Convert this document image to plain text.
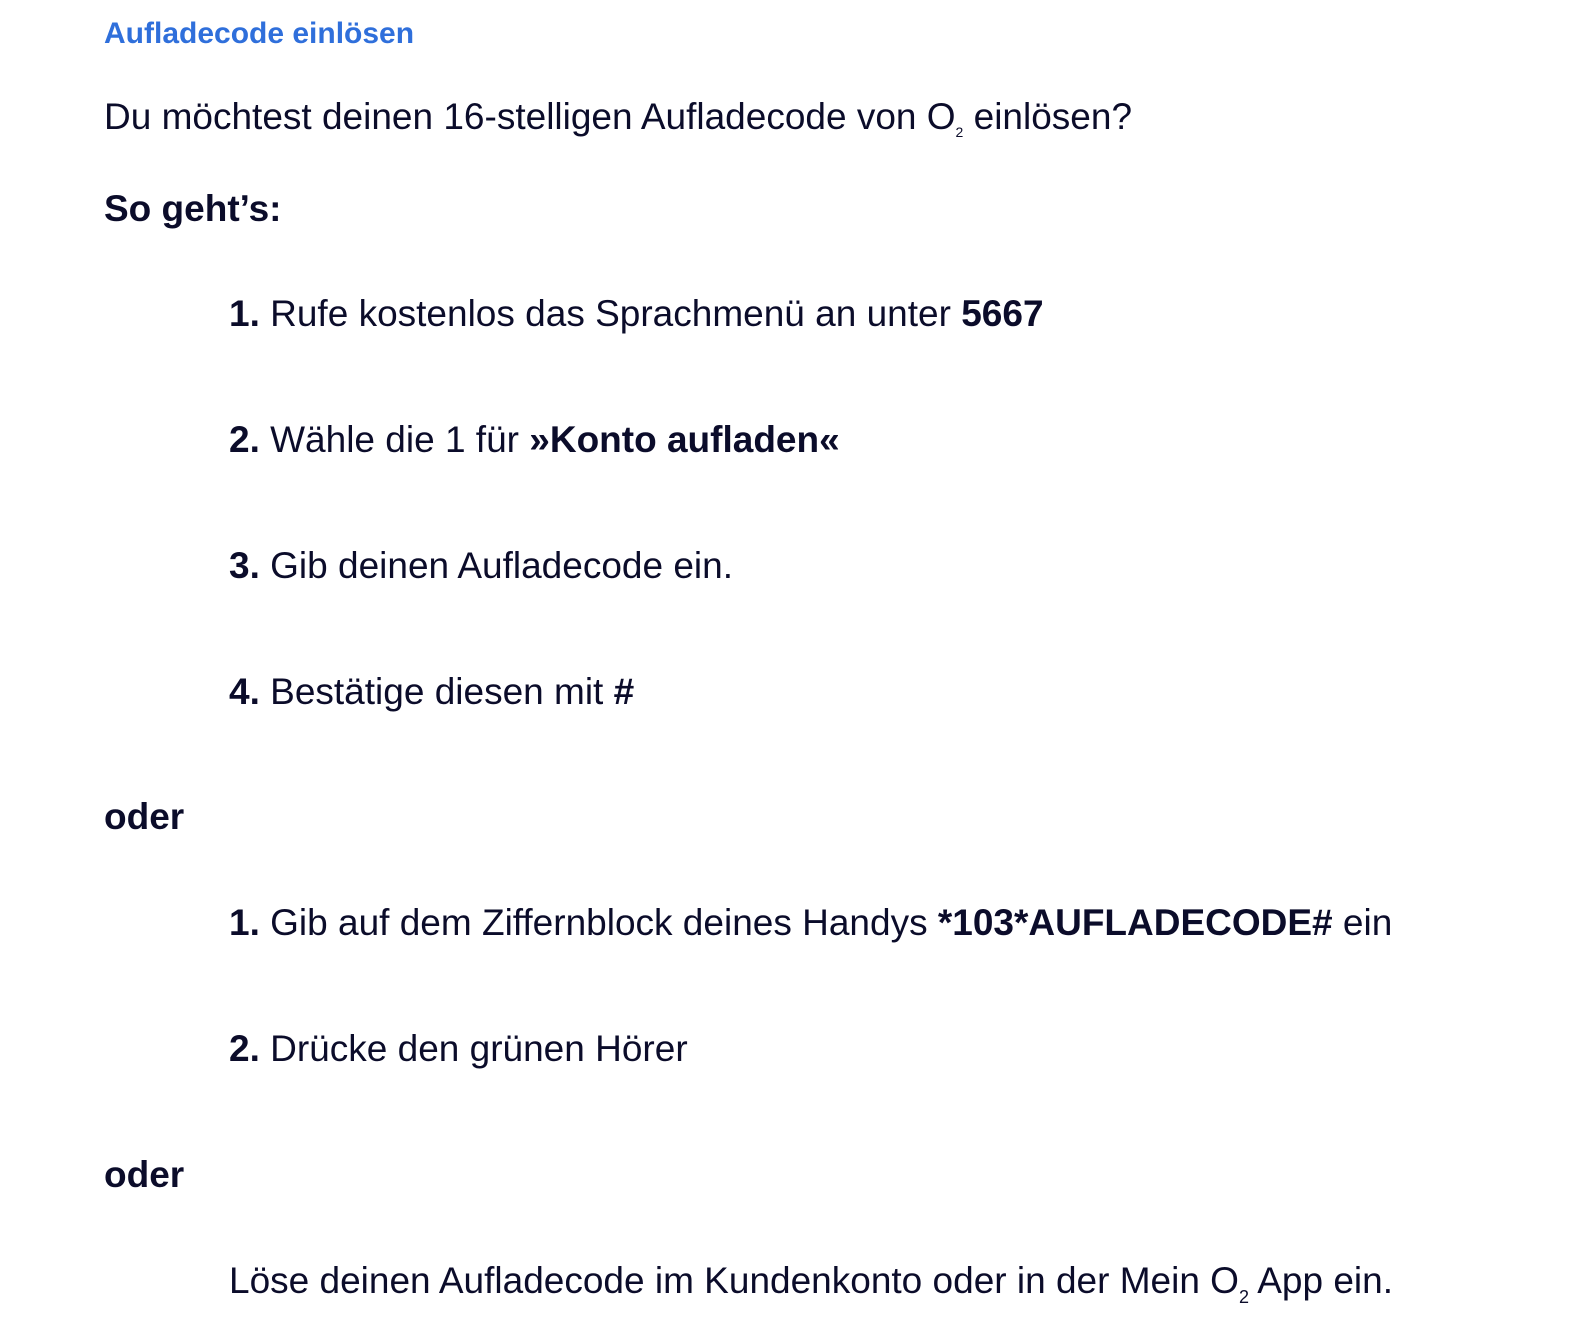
Aufladecode einlösen
Du möchtest deinen 16-stelligen Aufladecode von $O_2$ einlösen?
So geht’s:
1. Rufe kostenlos das Sprachmenü an unter 5667
2. Wähle die 1 für »Konto aufladen«
3. Gib deinen Aufladecode ein.
4. Bestätige diesen mit #
oder
1. Gib auf dem Ziffernblock deines Handys *103*AUFLADECODE# ein
2. Drücke den grünen Hörer
oder
Löse deinen Aufladecode im Kundenkonto oder in der Mein $O_2$ App ein.
